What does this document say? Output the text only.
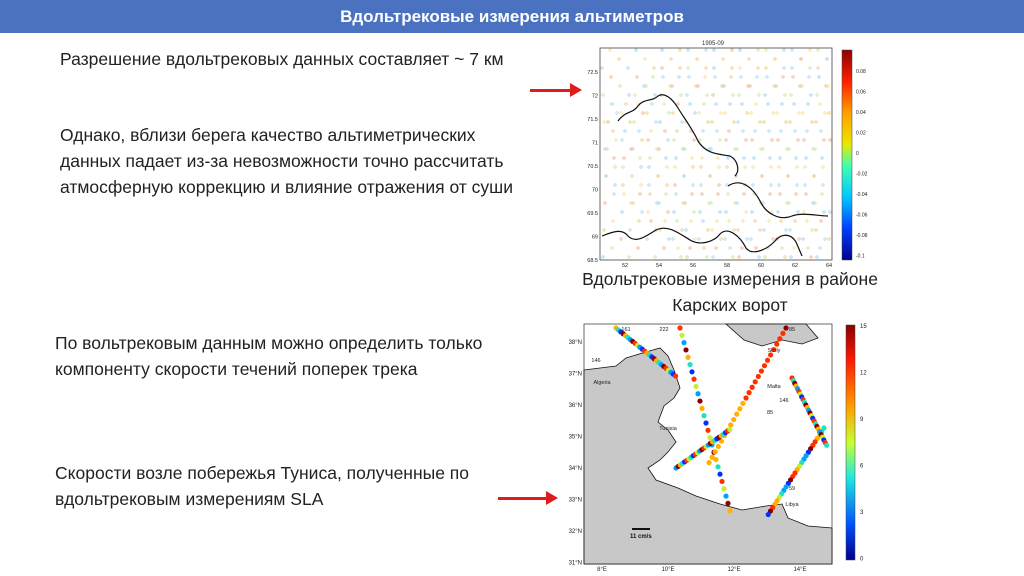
Вдольтрековые измерения альтиметров
Разрешение вдольтрековых данных составляет ~ 7 км
Однако, вблизи берега качество альтиметрических данных падает из-за невозможности точно рассчитать атмосферную коррекцию и влияние отражения от суши
По вольтрековым данным можно определить только компоненту скорости течений поперек трека
Скорости возле побережья Туниса, полученные по вдольтрековым измерениям SLA
1995-09
72.5
72
71.5
71
70.5
70
69.5
69
68.5
52	54	56	58	60	62	64
0.08
0.06
0.04
0.02
0
-0.02
-0.04
-0.06
-0.08
-0.1
Вдольтрековые измерения в районе Карских ворот
11 cm/s
38°N
37°N
36°N
35°N
34°N
33°N
32°N
31°N
8°E	10°E	12°E	14°E
15
12
9
6
3
0
161	222	85
146
146
59
85
Algeria
Tunisia
Sicily
Libya
Malta
